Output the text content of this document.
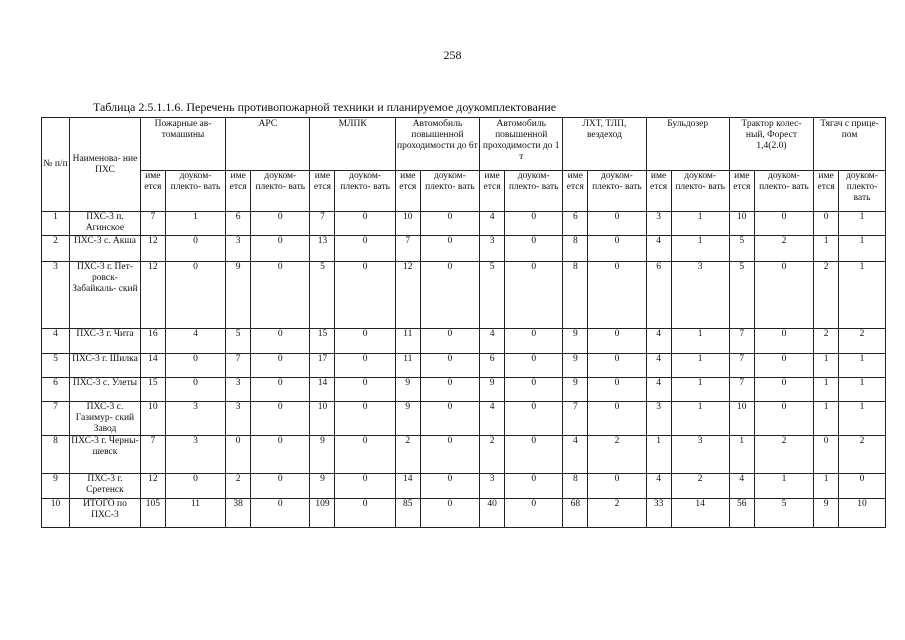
258
Таблица 2.5.1.1.6. Перечень противопожарной техники и планируемое доукомплектование
№ п/п	Наименова- ние ПХС	Пожарные ав- томашины		АРС		МЛПК		Автомобиль повышенной проходимости до 6т		Автомобиль повышенной проходимости до 1 т		ЛХТ, ТЛП, вездеход		Бульдозер		Трактор колес- ный, Форест 1,4(2.0)		Тягач с прице- пом	
		име ется	доуком- плекто- вать	име ется	доуком- плекто- вать	име ется	доуком- плекто- вать	име ется	доуком- плекто- вать	име ется	доуком- плекто- вать	име ется	доуком- плекто- вать	име ется	доуком- плекто- вать	име ется	доуком- плекто- вать	име ется	доуком- плекто- вать
1	ПХС-3 п. Агинское	7	1	6	0	7	0	10	0	4	0	6	0	3	1	10	0	0	1
2	ПХС-3 с. Акша	12	0	3	0	13	0	7	0	3	0	8	0	4	1	5	2	1	1
3	ПХС-3 г. Пет- ровск- Забайкаль- ский	12	0	9	0	5	0	12	0	5	0	8	0	6	3	5	0	2	1
4	ПХС-3 г. Чита	16	4	5	0	15	0	11	0	4	0	9	0	4	1	7	0	2	2
5	ПХС-3 г. Шилка	14	0	7	0	17	0	11	0	6	0	9	0	4	1	7	0	1	1
6	ПХС-3 с. Улеты	15	0	3	0	14	0	9	0	9	0	9	0	4	1	7	0	1	1
7	ПХС-3 с. Газимур- ский Завод	10	3	3	0	10	0	9	0	4	0	7	0	3	1	10	0	1	1
8	ПХС-3 г. Черны- шевск	7	3	0	0	9	0	2	0	2	0	4	2	1	3	1	2	0	2
9	ПХС-3 г. Сретенск	12	0	2	0	9	0	14	0	3	0	8	0	4	2	4	1	1	0
10	ИТОГО по ПХС-3	105	11	38	0	109	0	85	0	40	0	68	2	33	14	56	5	9	10
